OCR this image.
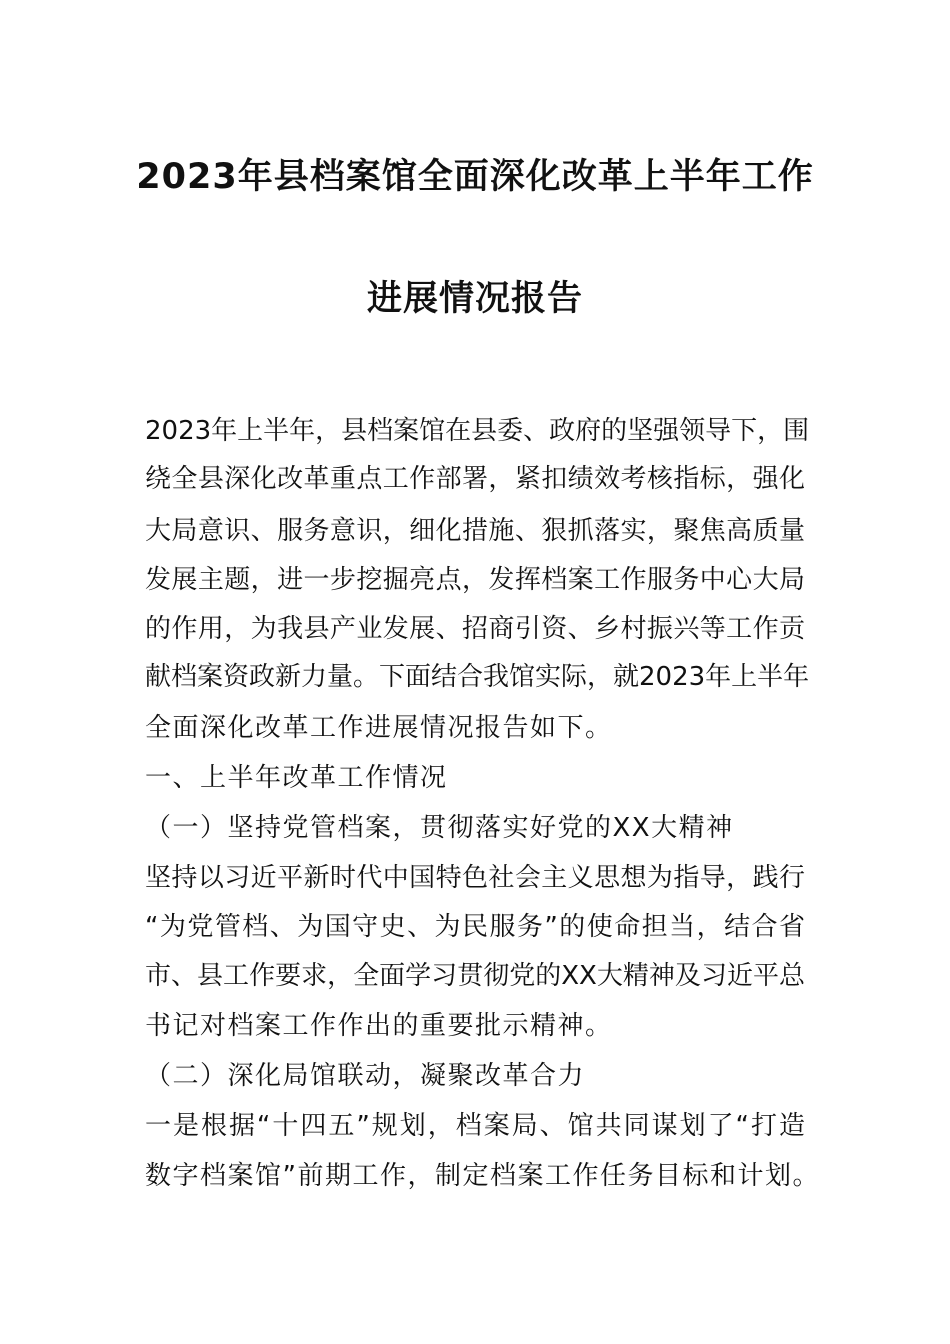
2023年县档案馆全面深化改革上半年工作
进展情况报告
2023年上半年，县档案馆在县委、政府的坚强领导下，围
绕全县深化改革重点工作部署，紧扣绩效考核指标，强化
大局意识、服务意识，细化措施、狠抓落实，聚焦高质量
发展主题，进一步挖掘亮点，发挥档案工作服务中心大局
的作用，为我县产业发展、招商引资、乡村振兴等工作贡
献档案资政新力量。下面结合我馆实际，就2023年上半年
全面深化改革工作进展情况报告如下。
一、上半年改革工作情况
（一）坚持党管档案，贯彻落实好党的XX大精神
坚持以习近平新时代中国特色社会主义思想为指导，践行
“为党管档、为国守史、为民服务”的使命担当，结合省
市、县工作要求，全面学习贯彻党的XX大精神及习近平总
书记对档案工作作出的重要批示精神。
（二）深化局馆联动，凝聚改革合力
一是根据“十四五”规划，档案局、馆共同谋划了“打造
数字档案馆”前期工作，制定档案工作任务目标和计划。
